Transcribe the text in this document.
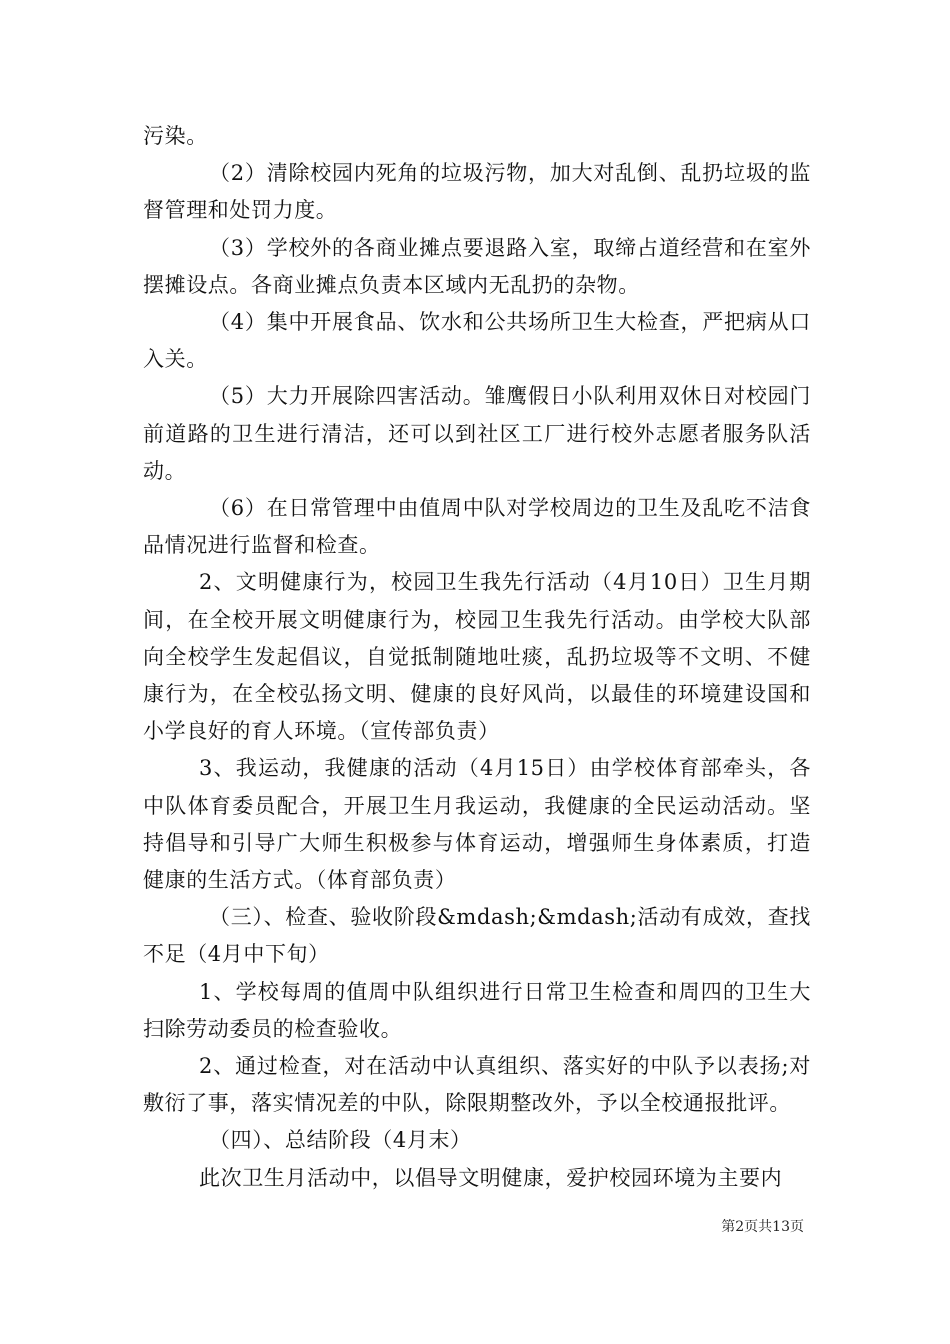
污染。

（2）清除校园内死角的垃圾污物，加大对乱倒、乱扔垃圾的监督管理和处罚力度。

（3）学校外的各商业摊点要退路入室，取缔占道经营和在室外摆摊设点。各商业摊点负责本区域内无乱扔的杂物。

（4）集中开展食品、饮水和公共场所卫生大检查，严把病从口入关。

（5）大力开展除四害活动。雏鹰假日小队利用双休日对校园门前道路的卫生进行清洁，还可以到社区工厂进行校外志愿者服务队活动。

（6）在日常管理中由值周中队对学校周边的卫生及乱吃不洁食品情况进行监督和检查。

2、文明健康行为，校园卫生我先行活动（4月10日）卫生月期间，在全校开展文明健康行为，校园卫生我先行活动。由学校大队部向全校学生发起倡议，自觉抵制随地吐痰，乱扔垃圾等不文明、不健康行为，在全校弘扬文明、健康的良好风尚，以最佳的环境建设国和小学良好的育人环境。（宣传部负责）

3、我运动，我健康的活动（4月15日）由学校体育部牵头，各中队体育委员配合，开展卫生月我运动，我健康的全民运动活动。坚持倡导和引导广大师生积极参与体育运动，增强师生身体素质，打造健康的生活方式。（体育部负责）

（三）、检查、验收阶段&mdash;&mdash;活动有成效，查找不足（4月中下旬）

1、学校每周的值周中队组织进行日常卫生检查和周四的卫生大扫除劳动委员的检查验收。

2、通过检查，对在活动中认真组织、落实好的中队予以表扬;对敷衍了事，落实情况差的中队，除限期整改外，予以全校通报批评。

（四）、总结阶段（4月末）

此次卫生月活动中，以倡导文明健康，爱护校园环境为主要内

第2页共13页
